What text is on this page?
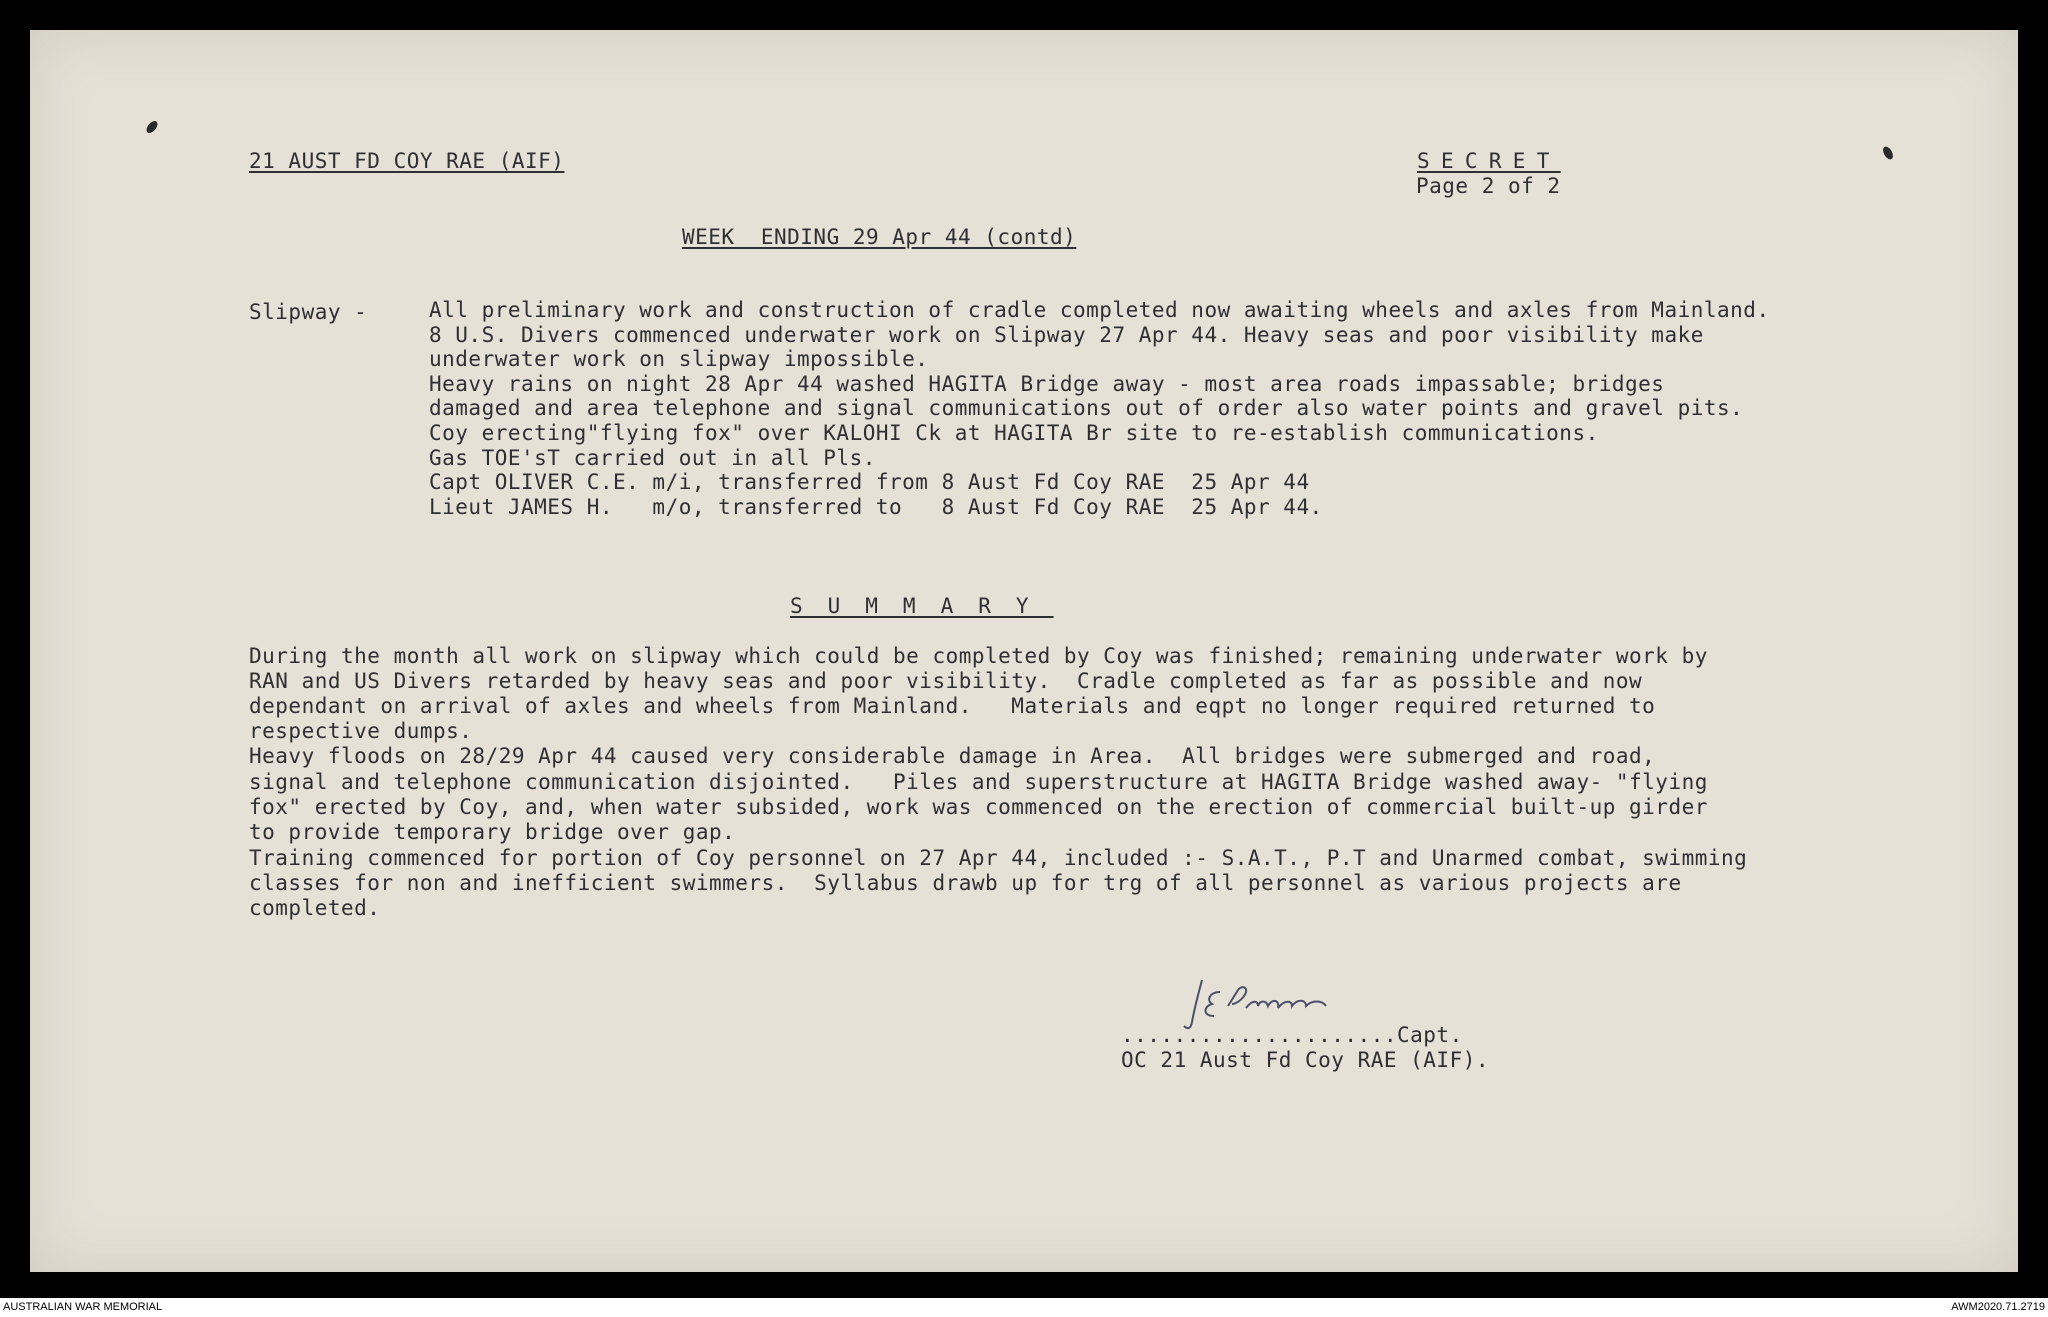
21 AUST FD COY RAE (AIF)	SECRET
Page 2 of 2
WEEK  ENDING 29 Apr 44 (contd)
Slipway -	All preliminary work and construction of cradle completed now awaiting wheels and axles from Mainland.
8 U.S. Divers commenced underwater work on Slipway 27 Apr 44. Heavy seas and poor visibility make
underwater work on slipway impossible.
Heavy rains on night 28 Apr 44 washed HAGITA Bridge away - most area roads impassable; bridges
damaged and area telephone and signal communications out of order also water points and gravel pits.
Coy erecting"flying fox" over KALOHI Ck at HAGITA Br site to re-establish communications.
Gas TOE'sT carried out in all Pls.
Capt OLIVER C.E. m/i, transferred from 8 Aust Fd Coy RAE  25 Apr 44
Lieut JAMES H.   m/o, transferred to   8 Aust Fd Coy RAE  25 Apr 44.
SUMMARY
During the month all work on slipway which could be completed by Coy was finished; remaining underwater work by
RAN and US Divers retarded by heavy seas and poor visibility.  Cradle completed as far as possible and now
dependant on arrival of axles and wheels from Mainland.   Materials and eqpt no longer required returned to
respective dumps.
Heavy floods on 28/29 Apr 44 caused very considerable damage in Area.  All bridges were submerged and road,
signal and telephone communication disjointed.   Piles and superstructure at HAGITA Bridge washed away- "flying
fox" erected by Coy, and, when water subsided, work was commenced on the erection of commercial built-up girder
to provide temporary bridge over gap.
Training commenced for portion of Coy personnel on 27 Apr 44, included :- S.A.T., P.T and Unarmed combat, swimming
classes for non and inefficient swimmers.  Syllabus drawb up for trg of all personnel as various projects are
completed.
.....................Capt.
OC 21 Aust Fd Coy RAE (AIF).
AUSTRALIAN WAR MEMORIAL	AWM2020.71.2719
